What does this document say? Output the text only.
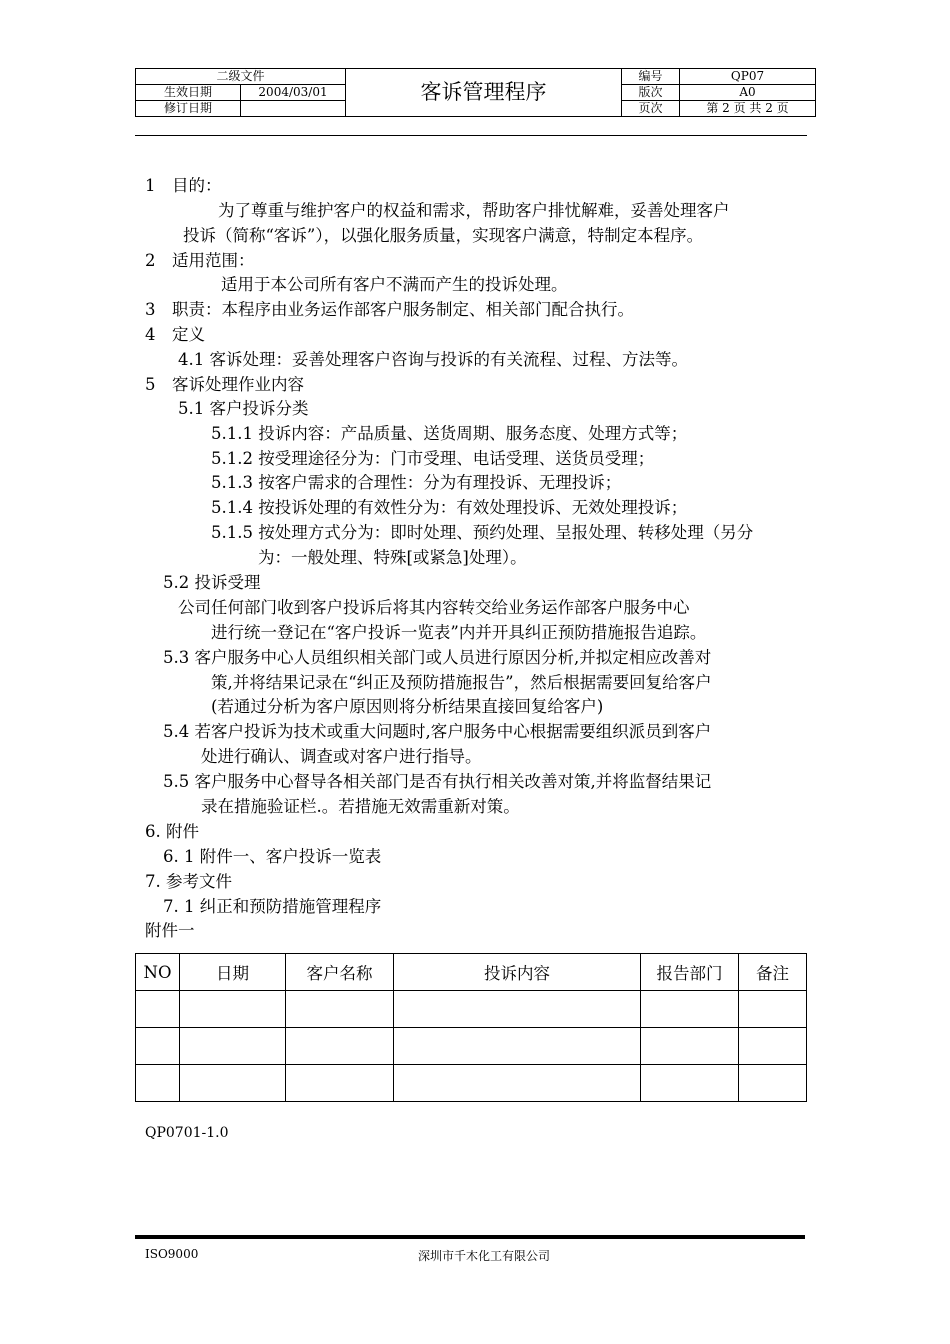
二级文件		客诉管理程序	编号	QP07
生效日期	2004/03/01		版次	A0
修订日期			页次	第 2 页 共 2 页
1　目的：
为了尊重与维护客户的权益和需求，帮助客户排忧解难，妥善处理客户
投诉（简称“客诉”），以强化服务质量，实现客户满意，特制定本程序。
2　适用范围：
适用于本公司所有客户不满而产生的投诉处理。
3　职责：本程序由业务运作部客户服务制定、相关部门配合执行。
4　定义
4.1 客诉处理：妥善处理客户咨询与投诉的有关流程、过程、方法等。
5　客诉处理作业内容
5.1 客户投诉分类
5.1.1 投诉内容：产品质量、送货周期、服务态度、处理方式等；
5.1.2 按受理途径分为：门市受理、电话受理、送货员受理；
5.1.3 按客户需求的合理性：分为有理投诉、无理投诉；
5.1.4 按投诉处理的有效性分为：有效处理投诉、无效处理投诉；
5.1.5 按处理方式分为：即时处理、预约处理、呈报处理、转移处理（另分
为：一般处理、特殊[或紧急]处理）。
5.2 投诉受理
公司任何部门收到客户投诉后将其内容转交给业务运作部客户服务中心
进行统一登记在“客户投诉一览表”内并开具纠正预防措施报告追踪。
5.3 客户服务中心人员组织相关部门或人员进行原因分析,并拟定相应改善对
策,并将结果记录在“纠正及预防措施报告”，然后根据需要回复给客户
(若通过分析为客户原因则将分析结果直接回复给客户)
5.4 若客户投诉为技术或重大问题时,客户服务中心根据需要组织派员到客户
处进行确认、调查或对客户进行指导。
5.5 客户服务中心督导各相关部门是否有执行相关改善对策,并将监督结果记
录在措施验证栏.。若措施无效需重新对策。
6. 附件
6. 1 附件一、客户投诉一览表
7. 参考文件
7. 1 纠正和预防措施管理程序
附件一
NO	日期	客户名称	投诉内容	报告部门	备注

QP0701-1.0
ISO9000	深圳市千木化工有限公司
